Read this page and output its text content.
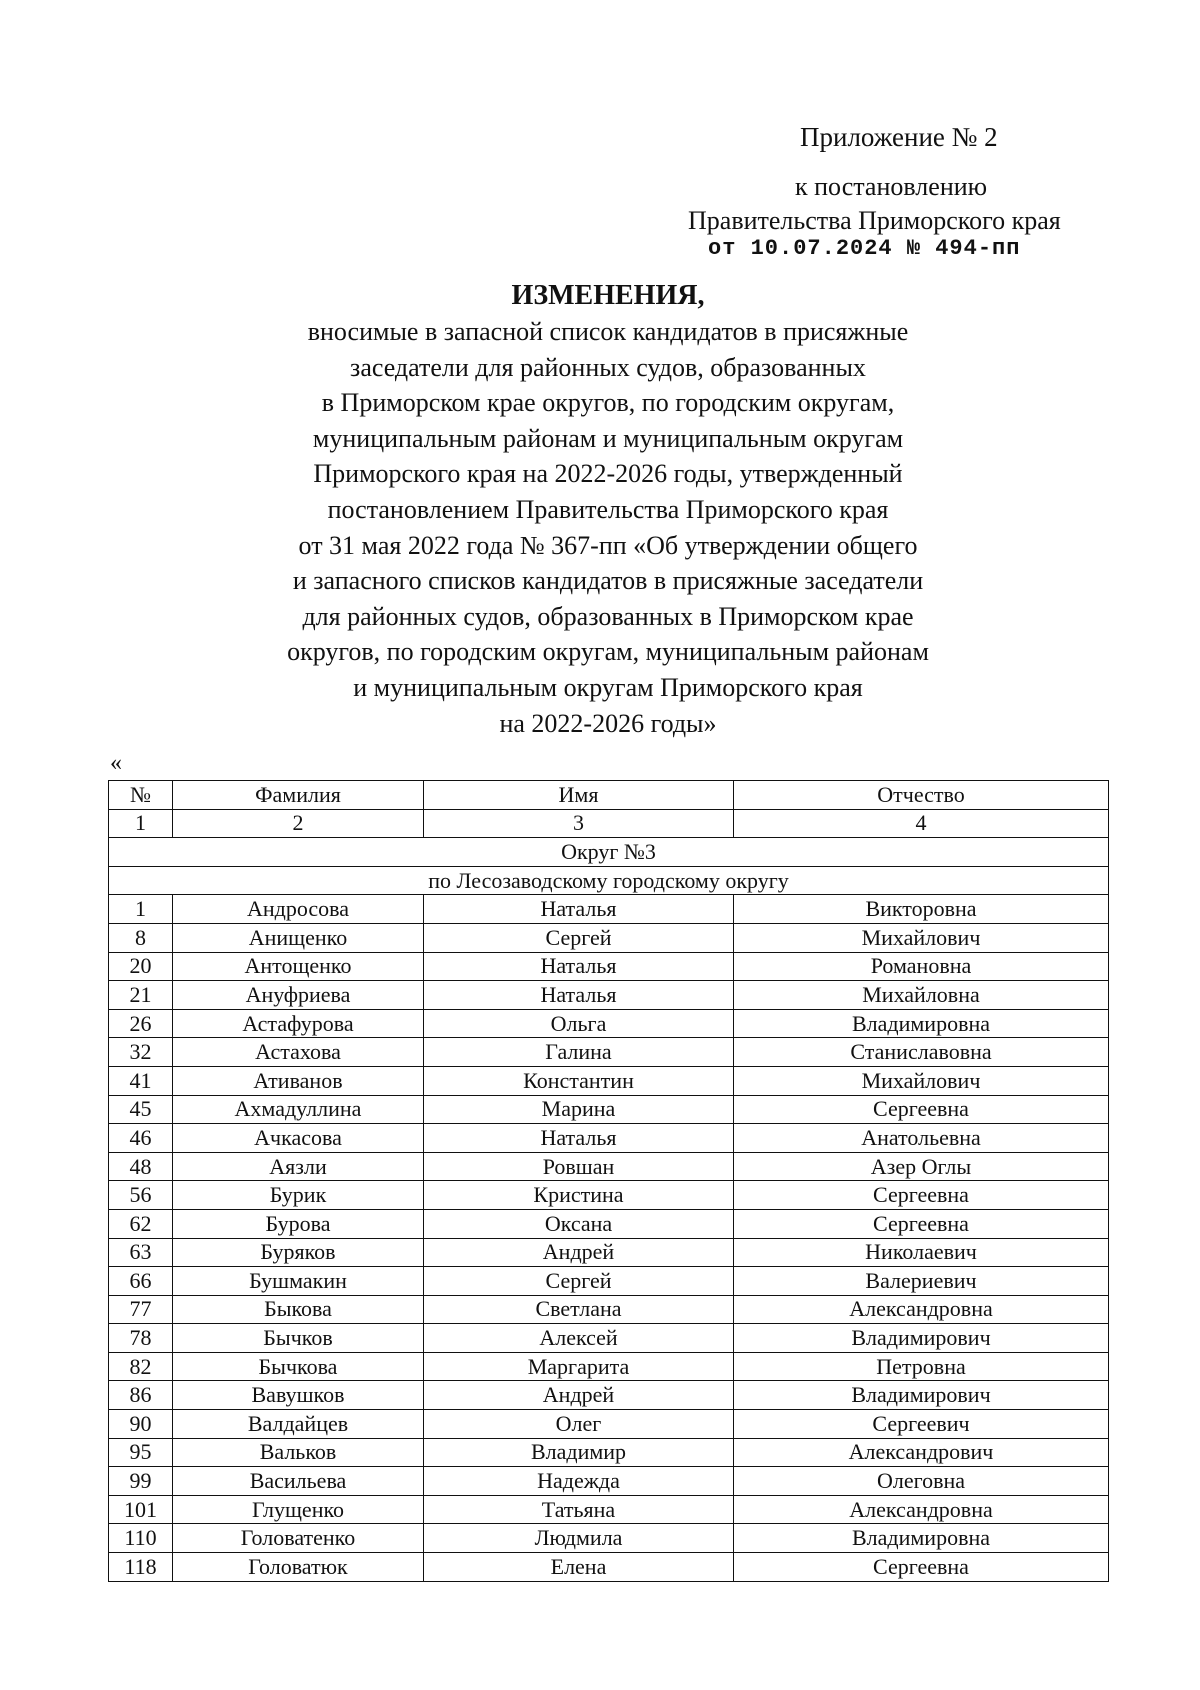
Приложение № 2
к постановлению
Правительства Приморского края
от 10.07.2024 № 494-пп
ИЗМЕНЕНИЯ,
вносимые в запасной список кандидатов в присяжные
заседатели для районных судов, образованных
в Приморском крае округов, по городским округам,
муниципальным районам и муниципальным округам
Приморского края на 2022-2026 годы, утвержденный
постановлением Правительства Приморского края
от 31 мая 2022 года № 367-пп «Об утверждении общего
и запасного списков кандидатов в присяжные заседатели
для районных судов, образованных в Приморском крае
округов, по городским округам, муниципальным районам
и муниципальным округам Приморского края
на 2022-2026 годы»
«
№	Фамилия	Имя	Отчество
1	2	3	4
Округ №3			
по Лесозаводскому городскому округу			
1	Андросова	Наталья	Викторовна
8	Анищенко	Сергей	Михайлович
20	Антощенко	Наталья	Романовна
21	Ануфриева	Наталья	Михайловна
26	Астафурова	Ольга	Владимировна
32	Астахова	Галина	Станиславовна
41	Ативанов	Константин	Михайлович
45	Ахмадуллина	Марина	Сергеевна
46	Ачкасова	Наталья	Анатольевна
48	Аязли	Ровшан	Азер Оглы
56	Бурик	Кристина	Сергеевна
62	Бурова	Оксана	Сергеевна
63	Буряков	Андрей	Николаевич
66	Бушмакин	Сергей	Валериевич
77	Быкова	Светлана	Александровна
78	Бычков	Алексей	Владимирович
82	Бычкова	Маргарита	Петровна
86	Вавушков	Андрей	Владимирович
90	Валдайцев	Олег	Сергеевич
95	Вальков	Владимир	Александрович
99	Васильева	Надежда	Олеговна
101	Глущенко	Татьяна	Александровна
110	Головатенко	Людмила	Владимировна
118	Головатюк	Елена	Сергеевна
